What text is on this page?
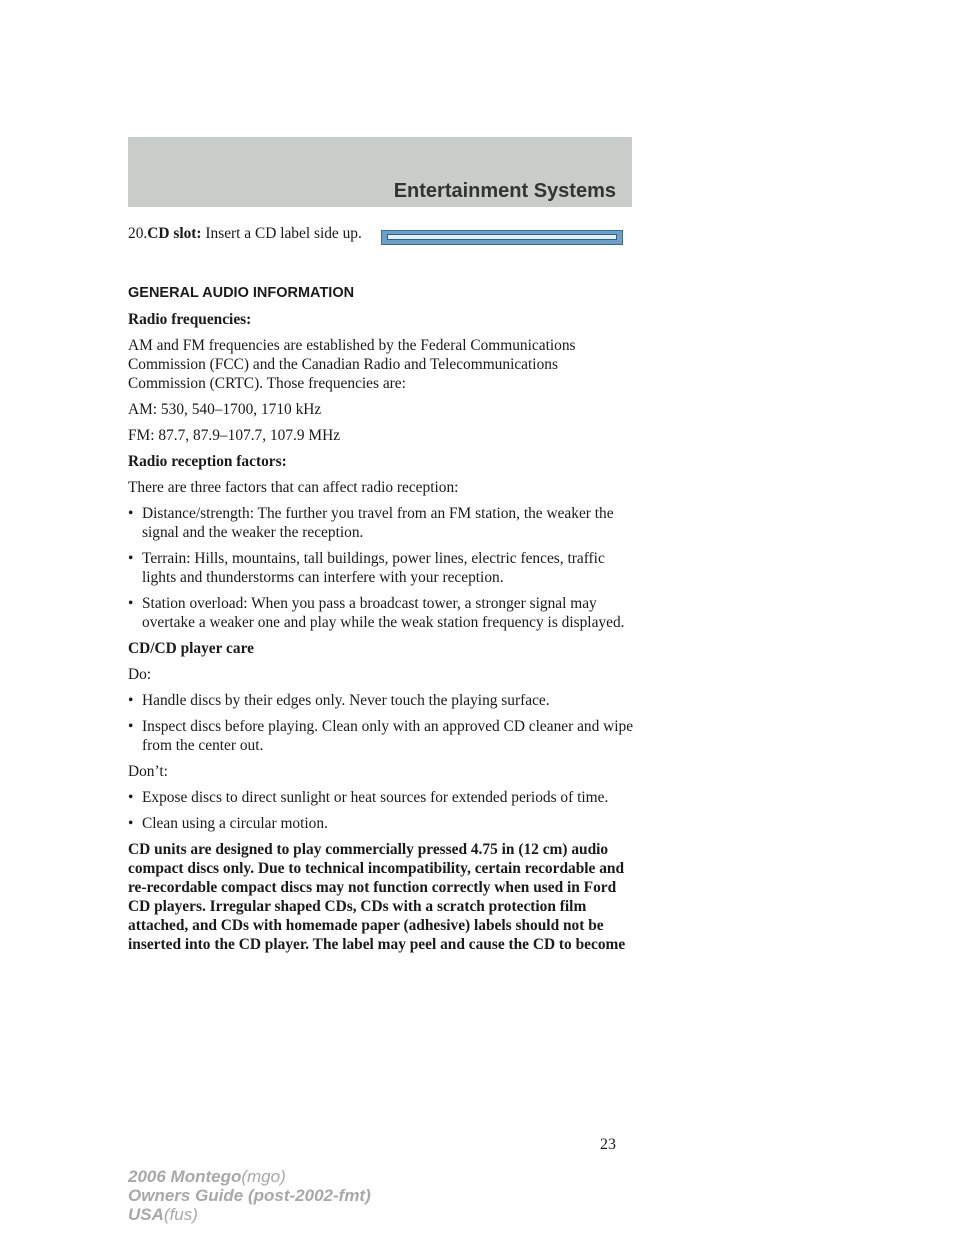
Entertainment Systems
20.CD slot: Insert a CD label side up.
GENERAL AUDIO INFORMATION
Radio frequencies:
AM and FM frequencies are established by the Federal Communications Commission (FCC) and the Canadian Radio and Telecommunications Commission (CRTC). Those frequencies are:
AM: 530, 540–1700, 1710 kHz
FM: 87.7, 87.9–107.7, 107.9 MHz
Radio reception factors:
There are three factors that can affect radio reception:
• Distance/strength: The further you travel from an FM station, the weaker the signal and the weaker the reception.
• Terrain: Hills, mountains, tall buildings, power lines, electric fences, traffic lights and thunderstorms can interfere with your reception.
• Station overload: When you pass a broadcast tower, a stronger signal may overtake a weaker one and play while the weak station frequency is displayed.
CD/CD player care
Do:
• Handle discs by their edges only. Never touch the playing surface.
• Inspect discs before playing. Clean only with an approved CD cleaner and wipe from the center out.
Don’t:
• Expose discs to direct sunlight or heat sources for extended periods of time.
• Clean using a circular motion.
CD units are designed to play commercially pressed 4.75 in (12 cm) audio compact discs only. Due to technical incompatibility, certain recordable and re-recordable compact discs may not function correctly when used in Ford CD players. Irregular shaped CDs, CDs with a scratch protection film attached, and CDs with homemade paper (adhesive) labels should not be inserted into the CD player. The label may peel and cause the CD to become
23
2006 Montego(mgo)
Owners Guide (post-2002-fmt)
USA(fus)
